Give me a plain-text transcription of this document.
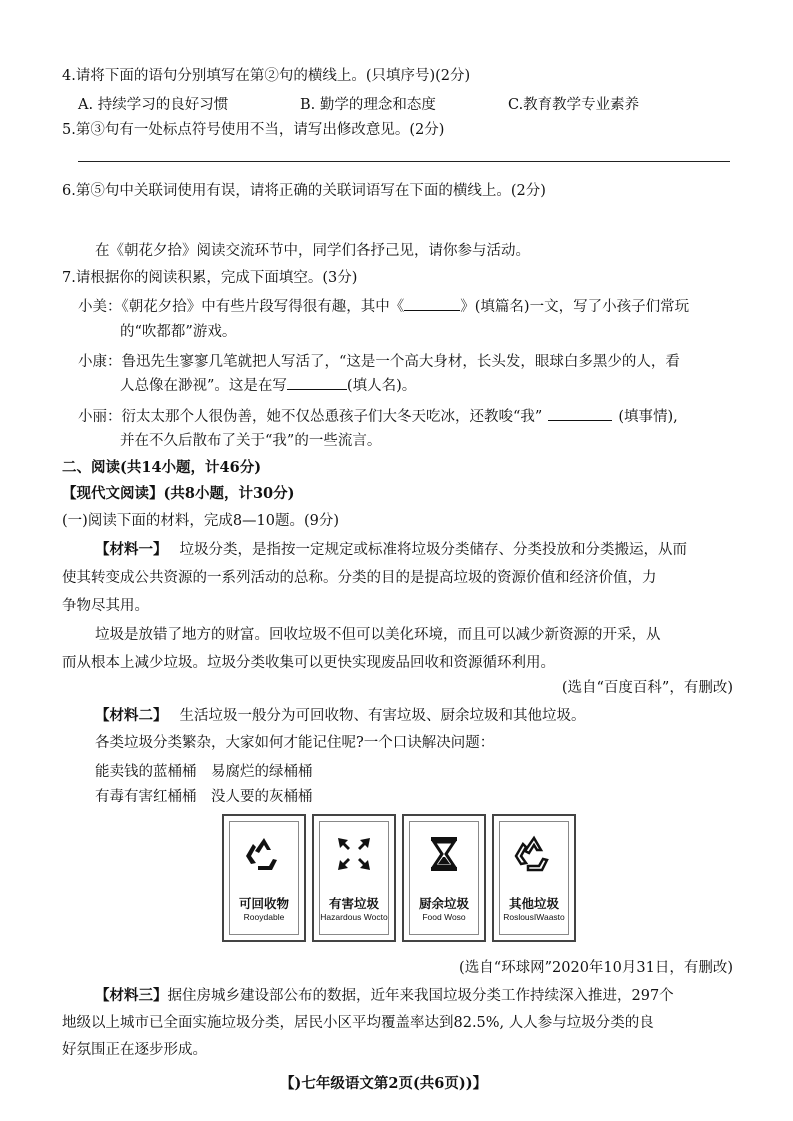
4.请将下面的语句分别填写在第②句的横线上。(只填序号)(2分)
A. 持续学习的良好习惯	B. 勤学的理念和态度	C.教育教学专业素养
5.第③句有一处标点符号使用不当，请写出修改意见。(2分)
6.第⑤句中关联词使用有误，请将正确的关联词语写在下面的横线上。(2分)
在《朝花夕拾》阅读交流环节中，同学们各抒己见，请你参与活动。
7.请根据你的阅读积累，完成下面填空。(3分)
小美：《朝花夕拾》中有些片段写得很有趣，其中《	》(填篇名)一文，写了小孩子们常玩
的“吹都都”游戏。
小康：鲁迅先生寥寥几笔就把人写活了，“这是一个高大身材，长头发，眼球白多黑少的人，看
人总像在渺视”。这是在写	(填人名)。
小丽：衍太太那个人很伪善，她不仅怂恿孩子们大冬天吃冰，还教唆“我”	(填事情),
并在不久后散布了关于“我”的一些流言。
二、阅读(共14小题，计46分)
【现代文阅读】(共8小题，计30分)
(一)阅读下面的材料，完成8—10题。(9分)
【材料一】 垃圾分类，是指按一定规定或标准将垃圾分类储存、分类投放和分类搬运，从而
使其转变成公共资源的一系列活动的总称。分类的目的是提高垃圾的资源价值和经济价值，力
争物尽其用。
垃圾是放错了地方的财富。回收垃圾不但可以美化环境，而且可以减少新资源的开采，从
而从根本上减少垃圾。垃圾分类收集可以更快实现废品回收和资源循环利用。
(选自“百度百科”，有删改)
【材料二】 生活垃圾一般分为可回收物、有害垃圾、厨余垃圾和其他垃圾。
各类垃圾分类繁杂，大家如何才能记住呢?一个口诀解决问题：
能卖钱的蓝桶桶　易腐烂的绿桶桶
有毒有害红桶桶　没人要的灰桶桶
可回收物
Rooydable
有害垃圾
Hazardous Wocto
厨余垃圾
Food Woso
其他垃圾
RoslousIWaasto
(选自“环球网”2020年10月31日，有删改)
【材料三】据住房城乡建设部公布的数据，近年来我国垃圾分类工作持续深入推进，297个
地级以上城市已全面实施垃圾分类，居民小区平均覆盖率达到82.5%, 人人参与垃圾分类的良
好氛围正在逐步形成。
【)七年级语文第2页(共6页))】
